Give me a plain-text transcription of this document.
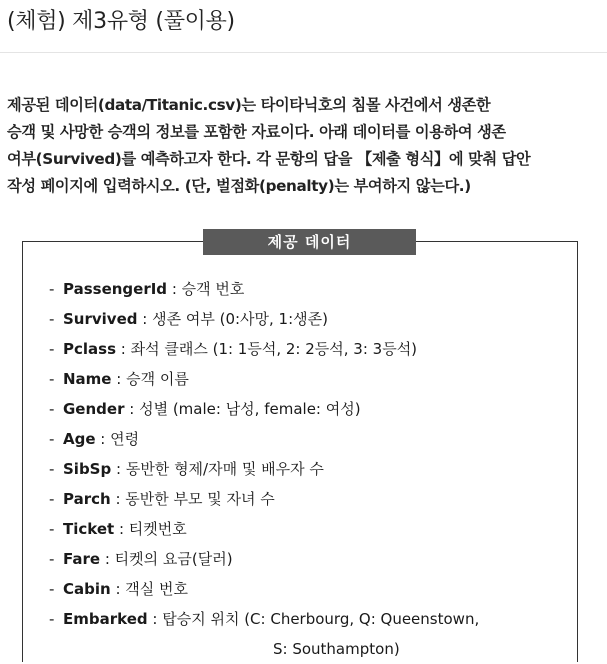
(체험) 제3유형 (풀이용)
제공된 데이터(data/Titanic.csv)는 타이타닉호의 침몰 사건에서 생존한
승객 및 사망한 승객의 정보를 포함한 자료이다. 아래 데이터를 이용하여 생존
여부(Survived)를 예측하고자 한다. 각 문항의 답을 【제출 형식】에 맞춰 답안
작성 페이지에 입력하시오. (단, 벌점화(penalty)는 부여하지 않는다.)
제공 데이터
- PassengerId : 승객 번호
- Survived : 생존 여부 (0:사망, 1:생존)
- Pclass : 좌석 클래스 (1: 1등석, 2: 2등석, 3: 3등석)
- Name : 승객 이름
- Gender : 성별 (male: 남성, female: 여성)
- Age : 연령
- SibSp : 동반한 형제/자매 및 배우자 수
- Parch : 동반한 부모 및 자녀 수
- Ticket : 티켓번호
- Fare : 티켓의 요금(달러)
- Cabin : 객실 번호
- Embarked : 탑승지 위치 (C: Cherbourg, Q: Queenstown,
S: Southampton)
